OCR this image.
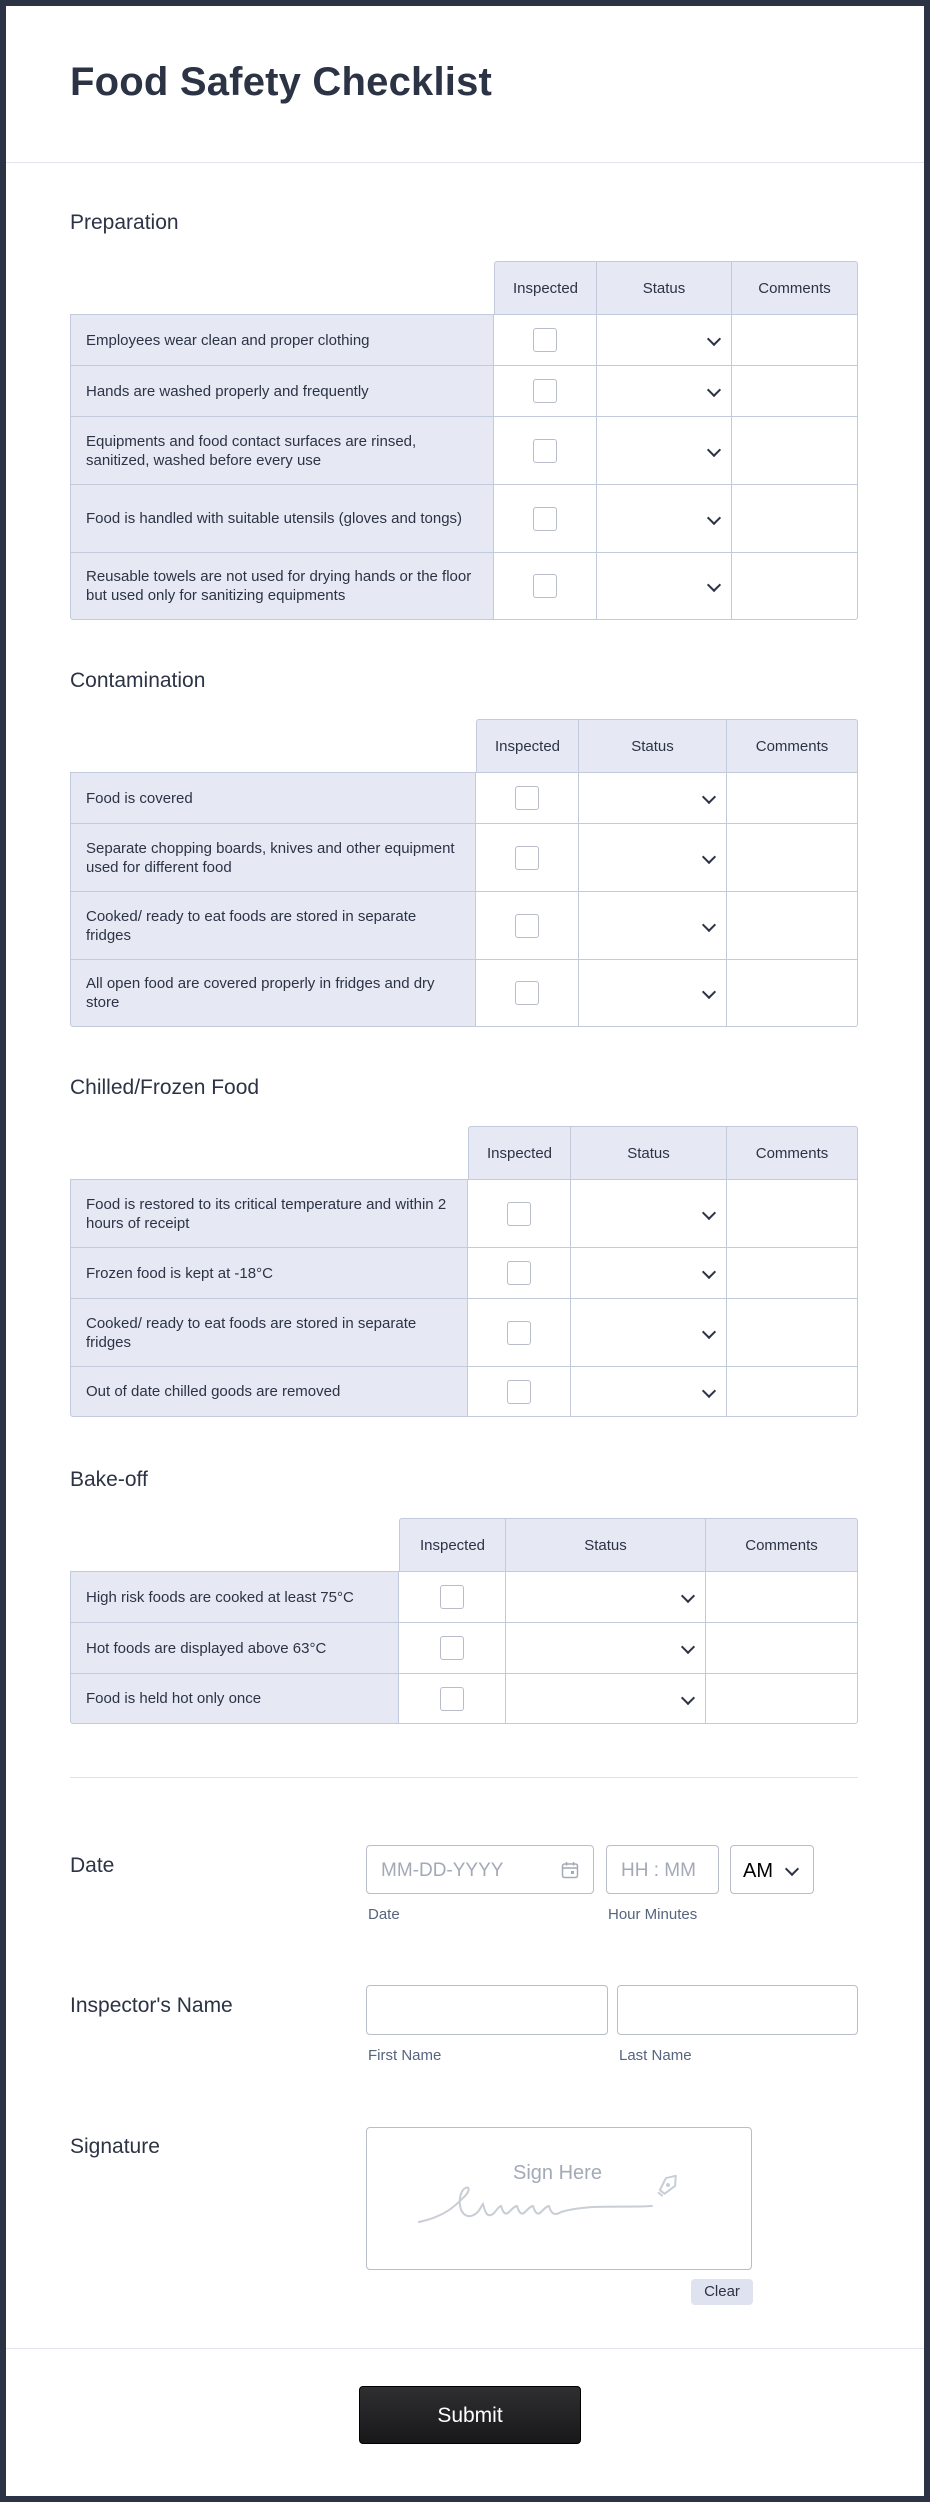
Food Safety Checklist

Preparation

	Inspected	Status	Comments
Employees wear clean and proper clothing	

Hands are washed properly and frequently	

Equipments and food contact surfaces are rinsed, sanitized, washed before every use	

Food is handled with suitable utensils (gloves and tongs)	

Reusable towels are not used for drying hands or the floor but used only for sanitizing equipments	

Contamination

	Inspected	Status	Comments
Food is covered	

Separate chopping boards, knives and other equipment used for different food	

Cooked/ ready to eat foods are stored in separate fridges	

All open food are covered properly in fridges and dry store	

Chilled/Frozen Food

	Inspected	Status	Comments
Food is restored to its critical temperature and within 2 hours of receipt	

Frozen food is kept at -18°C	

Cooked/ ready to eat foods are stored in separate fridges	

Out of date chilled goods are removed	

Bake-off

	Inspected	Status	Comments
High risk foods are cooked at least 75°C	

Hot foods are displayed above 63°C	

Food is held hot only once	

Date	MM-DD-YYYY
Date
HH : MM
Hour Minutes
AM
Inspector's Name
First Name	Last Name
Signature
Sign Here
Clear
Submit
